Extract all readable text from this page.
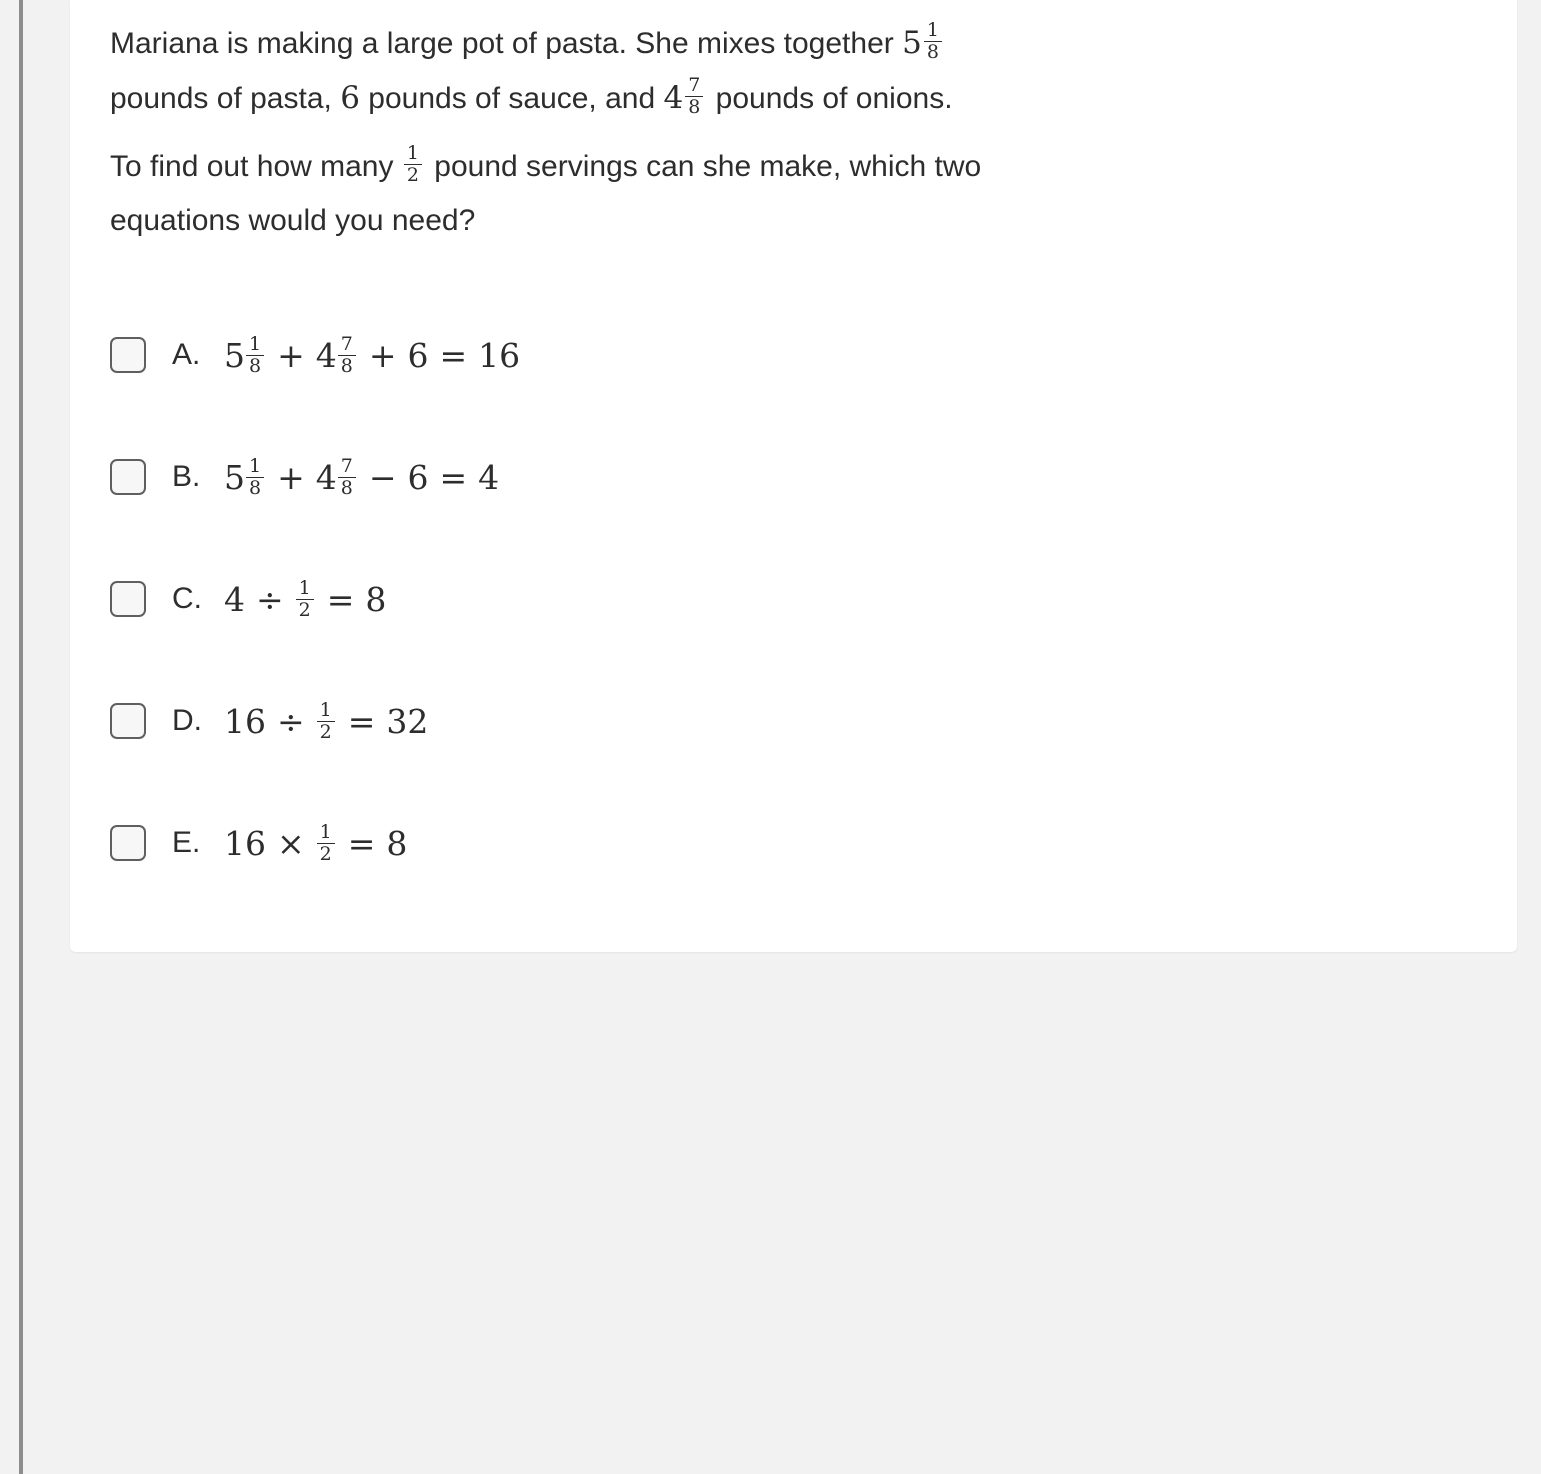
Mariana is making a large pot of pasta. She mixes together $5 \frac{1}{8}$

pounds of pasta, 6 pounds of sauce, and $4 \frac{7}{8}$ pounds of onions.

To find out how many $\frac{1}{2}$ pound servings can she make, which two equations would you need?

A. $5 \frac{1}{8} + 4 \frac{7}{8} + 6 = 16$
B. $5 \frac{1}{8} + 4 \frac{7}{8} - 6 = 4$
C. $4 \div \frac{1}{2} = 8$
D. $16 \div \frac{1}{2} = 32$
E. $16 \times \frac{1}{2} = 8$
